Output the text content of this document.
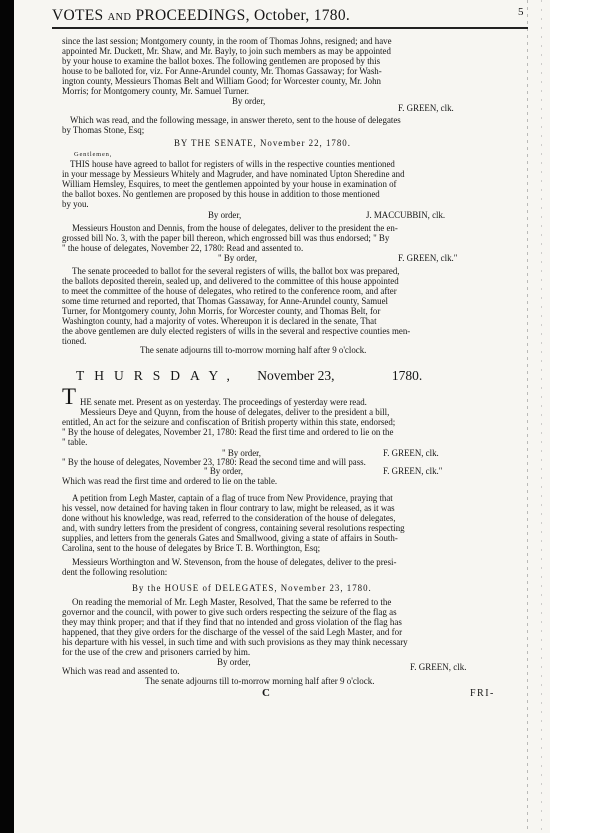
VOTES AND PROCEEDINGS, October, 1780.	5
since the last session; Montgomery county, in the room of Thomas Johns, resigned; and have
appointed Mr. Duckett, Mr. Shaw, and Mr. Bayly, to join such members as may be appointed
by your house to examine the ballot boxes. The following gentlemen are proposed by this
house to be balloted for, viz. For Anne-Arundel county, Mr. Thomas Gassaway; for Wash-
ington county, Messieurs Thomas Belt and William Good; for Worcester county, Mr. John
Morris; for Montgomery county, Mr. Samuel Turner.
By order,
F. GREEN, clk.
Which was read, and the following message, in answer thereto, sent to the house of delegates
by Thomas Stone, Esq;
BY THE SENATE, November 22, 1780.
Gentlemen,
THIS house have agreed to ballot for registers of wills in the respective counties mentioned
in your message by Messieurs Whitely and Magruder, and have nominated Upton Sheredine and
William Hemsley, Esquires, to meet the gentlemen appointed by your house in examination of
the ballot boxes. No gentlemen are proposed by this house in addition to those mentioned
by you.
By order,	J. MACCUBBIN, clk.
Messieurs Houston and Dennis, from the house of delegates, deliver to the president the en-
grossed bill No. 3, with the paper bill thereon, which engrossed bill was thus endorsed; " By
" the house of delegates, November 22, 1780: Read and assented to.
" By order,	F. GREEN, clk."
The senate proceeded to ballot for the several registers of wills, the ballot box was prepared,
the ballots deposited therein, sealed up, and delivered to the committee of this house appointed
to meet the committee of the house of delegates, who retired to the conference room, and after
some time returned and reported, that Thomas Gassaway, for Anne-Arundel county, Samuel
Turner, for Montgomery county, John Morris, for Worcester county, and Thomas Belt, for
Washington county, had a majority of votes. Whereupon it is declared in the senate, That
the above gentlemen are duly elected registers of wills in the several and respective counties men-
tioned.
The senate adjourns till to-morrow morning half after 9 o'clock.
THURSDAY, November 23,	1780.
T HE senate met. Present as on yesterday. The proceedings of yesterday were read.
Messieurs Deye and Quynn, from the house of delegates, deliver to the president a bill,
entitled, An act for the seizure and confiscation of British property within this state, endorsed;
" By the house of delegates, November 21, 1780: Read the first time and ordered to lie on the
" table.
" By order,	F. GREEN, clk.
" By the house of delegates, November 23, 1780: Read the second time and will pass.
" By order,	F. GREEN, clk."
Which was read the first time and ordered to lie on the table.
A petition from Legh Master, captain of a flag of truce from New Providence, praying that
his vessel, now detained for having taken in flour contrary to law, might be released, as it was
done without his knowledge, was read, referred to the consideration of the house of delegates,
and, with sundry letters from the president of congress, containing several resolutions respecting
supplies, and letters from the generals Gates and Smallwood, giving a state of affairs in South-
Carolina, sent to the house of delegates by Brice T. B. Worthington, Esq;
Messieurs Worthington and W. Stevenson, from the house of delegates, deliver to the presi-
dent the following resolution:
By the HOUSE of DELEGATES, November 23, 1780.
On reading the memorial of Mr. Legh Master, Resolved, That the same be referred to the
governor and the council, with power to give such orders respecting the seizure of the flag as
they may think proper; and that if they find that no intended and gross violation of the flag has
happened, that they give orders for the discharge of the vessel of the said Legh Master, and for
his departure with his vessel, in such time and with such provisions as they may think necessary
for the use of the crew and prisoners carried by him.
By order,	F. GREEN, clk.
Which was read and assented to.
The senate adjourns till to-morrow morning half after 9 o'clock.
C	FRI-
